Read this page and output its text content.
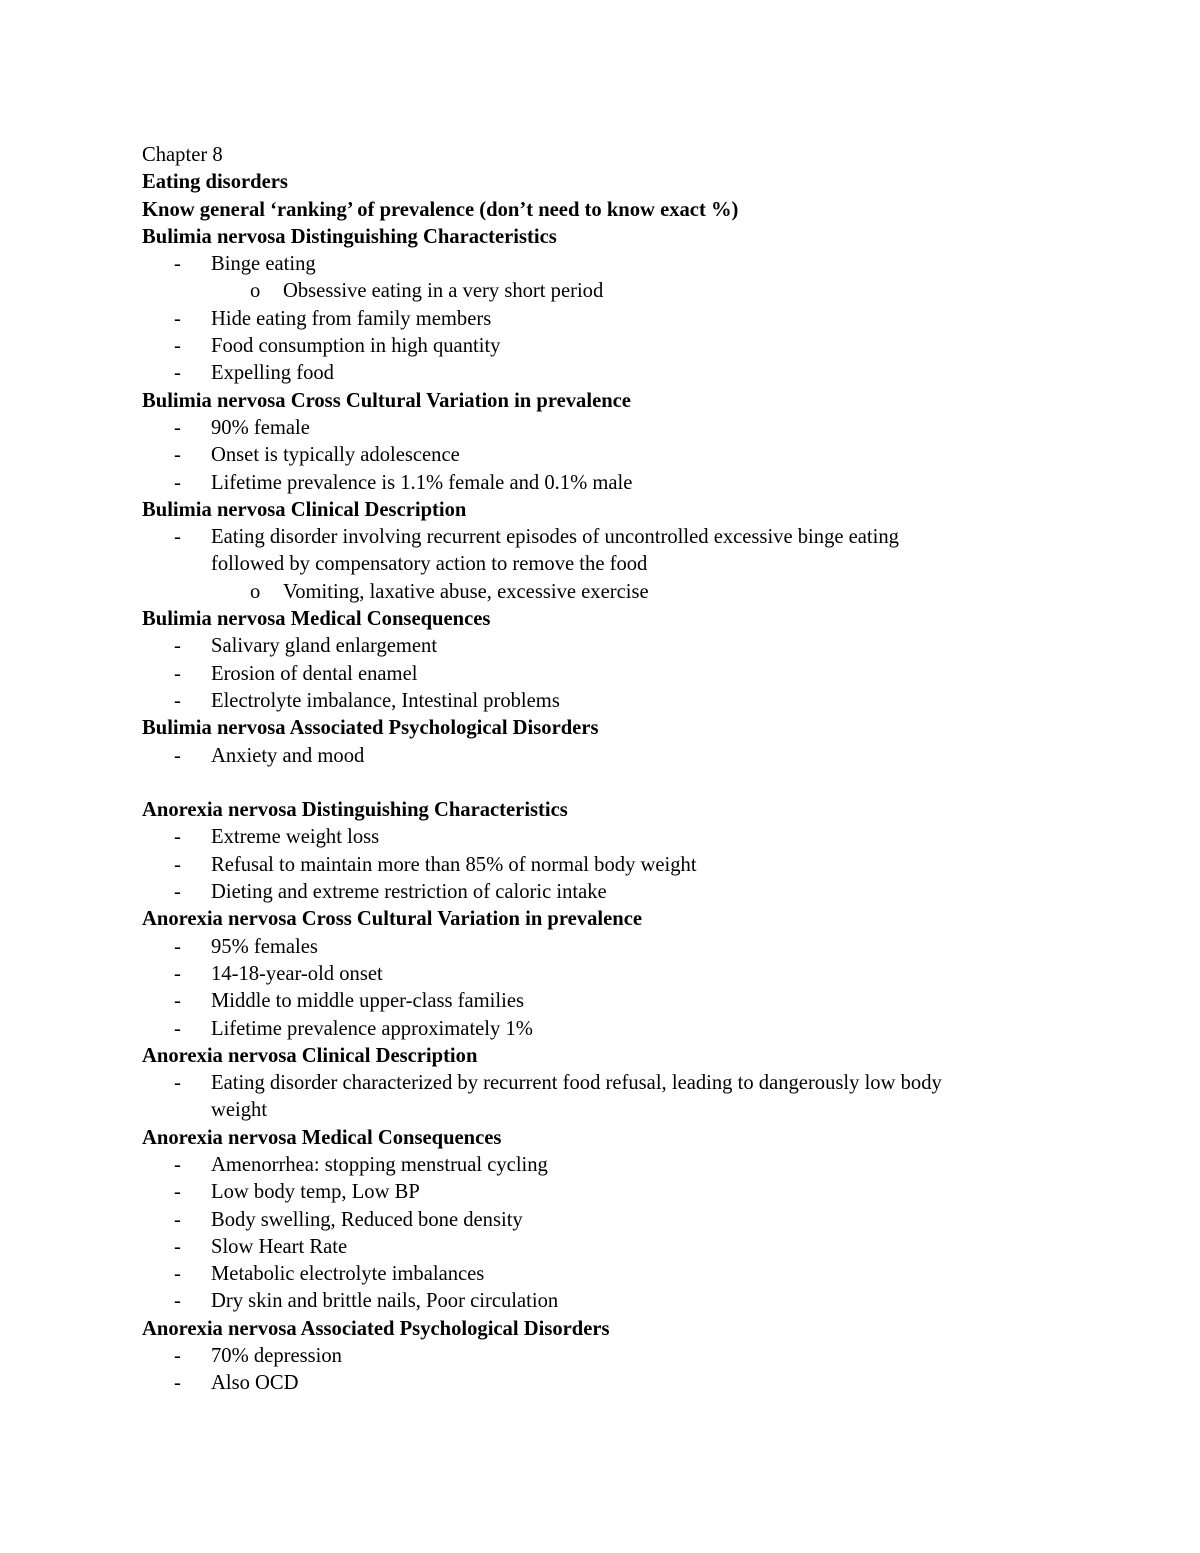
Chapter 8
Eating disorders
Know general ‘ranking’ of prevalence (don’t need to know exact %)
Bulimia nervosa Distinguishing Characteristics
- Binge eating
o Obsessive eating in a very short period
- Hide eating from family members
- Food consumption in high quantity
- Expelling food
Bulimia nervosa Cross Cultural Variation in prevalence
- 90% female
- Onset is typically adolescence
- Lifetime prevalence is 1.1% female and 0.1% male
Bulimia nervosa Clinical Description
- Eating disorder involving recurrent episodes of uncontrolled excessive binge eating
followed by compensatory action to remove the food
o Vomiting, laxative abuse, excessive exercise
Bulimia nervosa Medical Consequences
- Salivary gland enlargement
- Erosion of dental enamel
- Electrolyte imbalance, Intestinal problems
Bulimia nervosa Associated Psychological Disorders
- Anxiety and mood
Anorexia nervosa Distinguishing Characteristics
- Extreme weight loss
- Refusal to maintain more than 85% of normal body weight
- Dieting and extreme restriction of caloric intake
Anorexia nervosa Cross Cultural Variation in prevalence
- 95% females
- 14-18-year-old onset
- Middle to middle upper-class families
- Lifetime prevalence approximately 1%
Anorexia nervosa Clinical Description
- Eating disorder characterized by recurrent food refusal, leading to dangerously low body
weight
Anorexia nervosa Medical Consequences
- Amenorrhea: stopping menstrual cycling
- Low body temp, Low BP
- Body swelling, Reduced bone density
- Slow Heart Rate
- Metabolic electrolyte imbalances
- Dry skin and brittle nails, Poor circulation
Anorexia nervosa Associated Psychological Disorders
- 70% depression
- Also OCD
